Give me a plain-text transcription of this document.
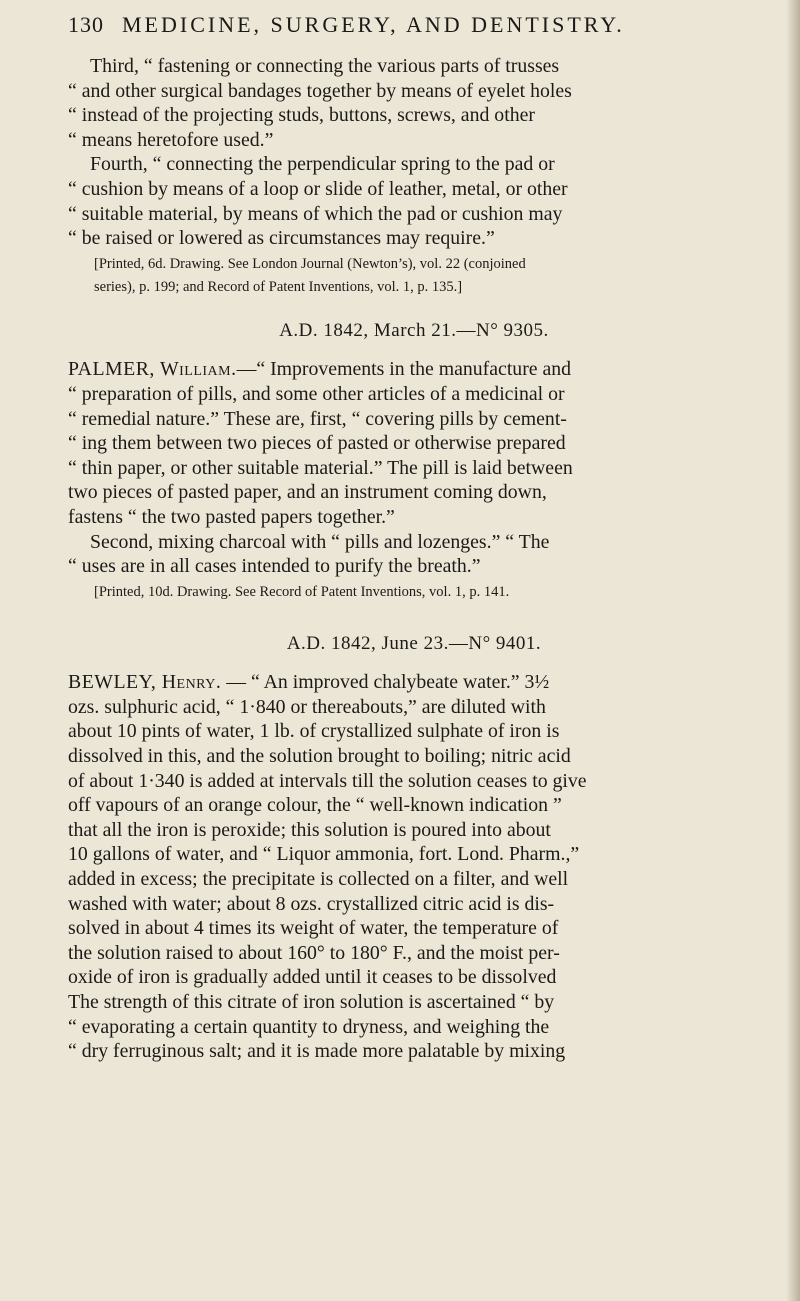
130 MEDICINE, SURGERY, AND DENTISTRY.

Third, “ fastening or connecting the various parts of trusses

“ and other surgical bandages together by means of eyelet holes

“ instead of the projecting studs, buttons, screws, and other

“ means heretofore used.”

Fourth, “ connecting the perpendicular spring to the pad or

“ cushion by means of a loop or slide of leather, metal, or other

“ suitable material, by means of which the pad or cushion may

“ be raised or lowered as circumstances may require.”

[Printed, 6d. Drawing. See London Journal (Newton’s), vol. 22 (conjoined

series), p. 199; and Record of Patent Inventions, vol. 1, p. 135.]

A.D. 1842, March 21.—N° 9305.

PALMER, William.—“ Improvements in the manufacture and

“ preparation of pills, and some other articles of a medicinal or

“ remedial nature.” These are, first, “ covering pills by cement-

“ ing them between two pieces of pasted or otherwise prepared

“ thin paper, or other suitable material.” The pill is laid between

two pieces of pasted paper, and an instrument coming down,

fastens “ the two pasted papers together.”

Second, mixing charcoal with “ pills and lozenges.” “ The

“ uses are in all cases intended to purify the breath.”

[Printed, 10d. Drawing. See Record of Patent Inventions, vol. 1, p. 141.

A.D. 1842, June 23.—N° 9401.

BEWLEY, Henry. — “ An improved chalybeate water.” 3½

ozs. sulphuric acid, “ 1·840 or thereabouts,” are diluted with

about 10 pints of water, 1 lb. of crystallized sulphate of iron is

dissolved in this, and the solution brought to boiling; nitric acid

of about 1·340 is added at intervals till the solution ceases to give

off vapours of an orange colour, the “ well-known indication ”

that all the iron is peroxide; this solution is poured into about

10 gallons of water, and “ Liquor ammonia, fort. Lond. Pharm.,”

added in excess; the precipitate is collected on a filter, and well

washed with water; about 8 ozs. crystallized citric acid is dis-

solved in about 4 times its weight of water, the temperature of

the solution raised to about 160° to 180° F., and the moist per-

oxide of iron is gradually added until it ceases to be dissolved

The strength of this citrate of iron solution is ascertained “ by

“ evaporating a certain quantity to dryness, and weighing the

“ dry ferruginous salt; and it is made more palatable by mixing
